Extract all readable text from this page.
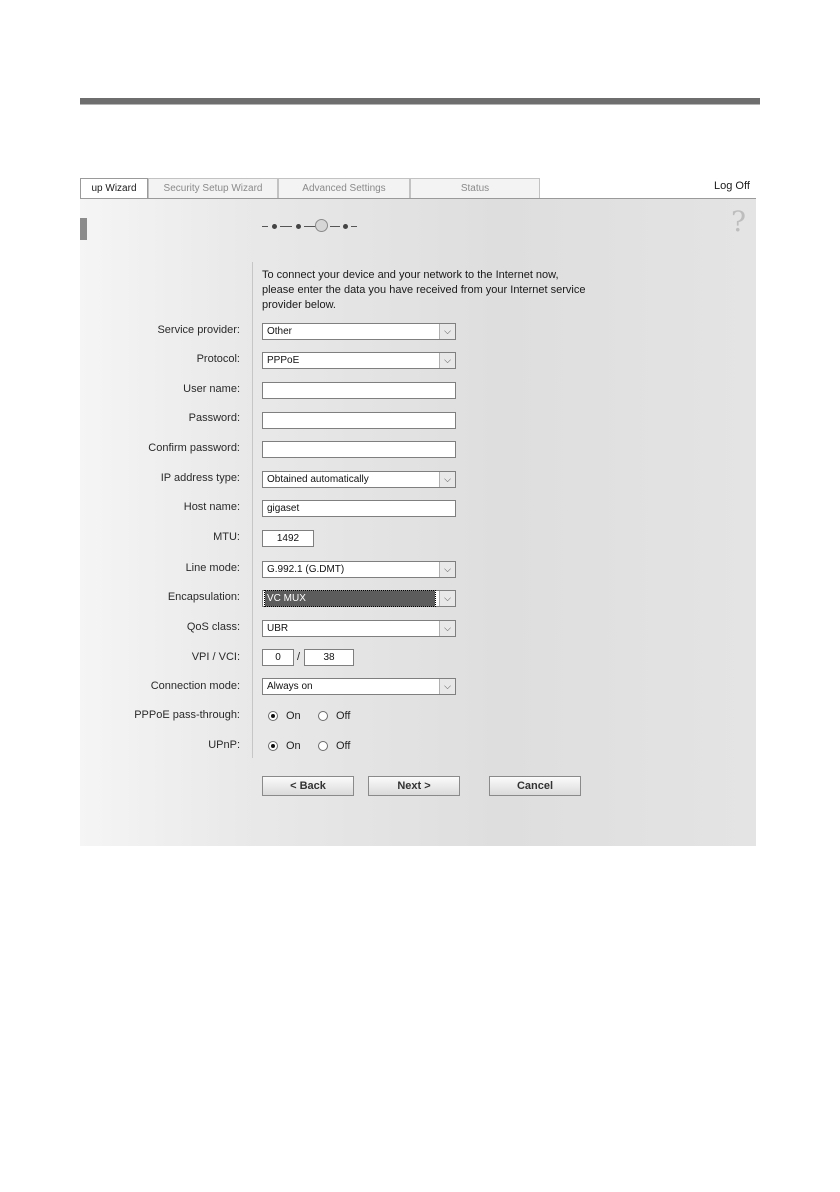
up Wizard	Security Setup Wizard	Advanced Settings	Status	Log Off
?
To connect your device and your network to the Internet now,
please enter the data you have received from your Internet service
provider below.
Service provider:	Other	⌵
Protocol:	PPPoE	⌵
User name:
Password:
Confirm password:
IP address type:	Obtained automatically	⌵
Host name:	gigaset
MTU:	1492
Line mode:	G.992.1 (G.DMT)	⌵
Encapsulation:	VC MUX	⌵
QoS class:	UBR	⌵
VPI / VCI:	0	/	38
Connection mode:	Always on	⌵
PPPoE pass-through:	On	Off
UPnP:	On	Off
< Back	Next >	Cancel
